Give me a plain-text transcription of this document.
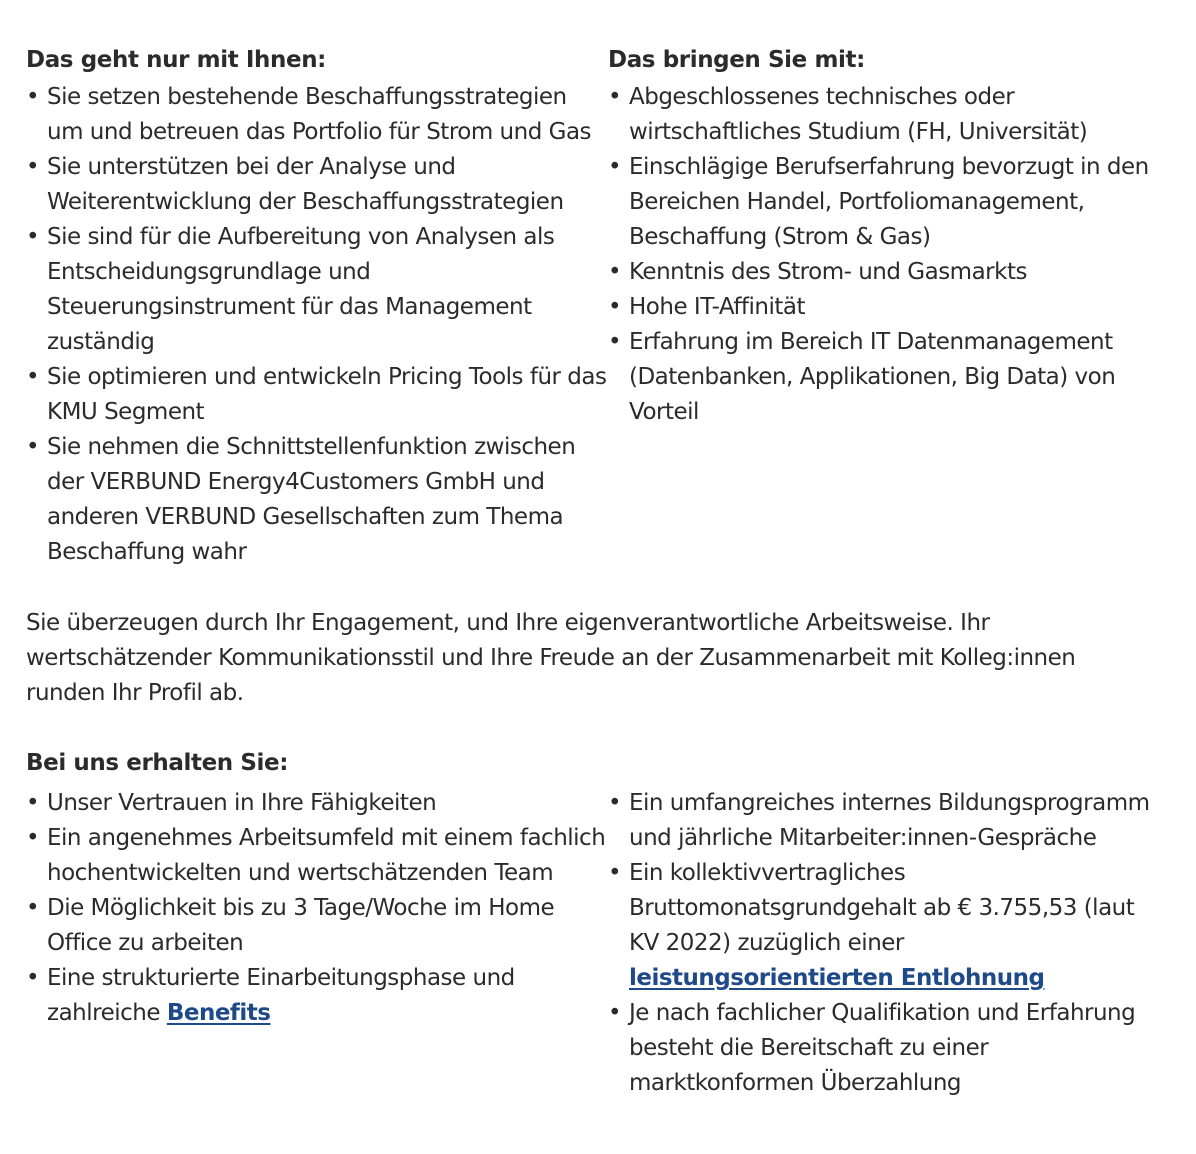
Das geht nur mit Ihnen:

• Sie setzen bestehende Beschaffungsstrategien um und betreuen das Portfolio für Strom und Gas
• Sie unterstützen bei der Analyse und Weiterentwicklung der Beschaffungsstrategien
• Sie sind für die Aufbereitung von Analysen als Entscheidungsgrundlage und Steuerungsinstrument für das Management zuständig
• Sie optimieren und entwickeln Pricing Tools für das KMU Segment
• Sie nehmen die Schnittstellenfunktion zwischen der VERBUND Energy4Customers GmbH und anderen VERBUND Gesellschaften zum Thema Beschaffung wahr

Das bringen Sie mit:

• Abgeschlossenes technisches oder wirtschaftliches Studium (FH, Universität)
• Einschlägige Berufserfahrung bevorzugt in den Bereichen Handel, Portfoliomanagement, Beschaffung (Strom & Gas)
• Kenntnis des Strom- und Gasmarkts
• Hohe IT-Affinität
• Erfahrung im Bereich IT Datenmanagement (Datenbanken, Applikationen, Big Data) von Vorteil

Sie überzeugen durch Ihr Engagement, und Ihre eigenverantwortliche Arbeitsweise. Ihr wertschätzender Kommunikationsstil und Ihre Freude an der Zusammenarbeit mit Kolleg:innen runden Ihr Profil ab.

Bei uns erhalten Sie:

• Unser Vertrauen in Ihre Fähigkeiten
• Ein angenehmes Arbeitsumfeld mit einem fachlich hochentwickelten und wertschätzenden Team
• Die Möglichkeit bis zu 3 Tage/Woche im Home Office zu arbeiten
• Eine strukturierte Einarbeitungsphase und zahlreiche Benefits
• Ein umfangreiches internes Bildungsprogramm und jährliche Mitarbeiter:innen-Gespräche
• Ein kollektivvertragliches Bruttomonatsgrundgehalt ab € 3.755,53 (laut KV 2022) zuzüglich einer leistungsorientierten Entlohnung
• Je nach fachlicher Qualifikation und Erfahrung besteht die Bereitschaft zu einer marktkonformen Überzahlung
